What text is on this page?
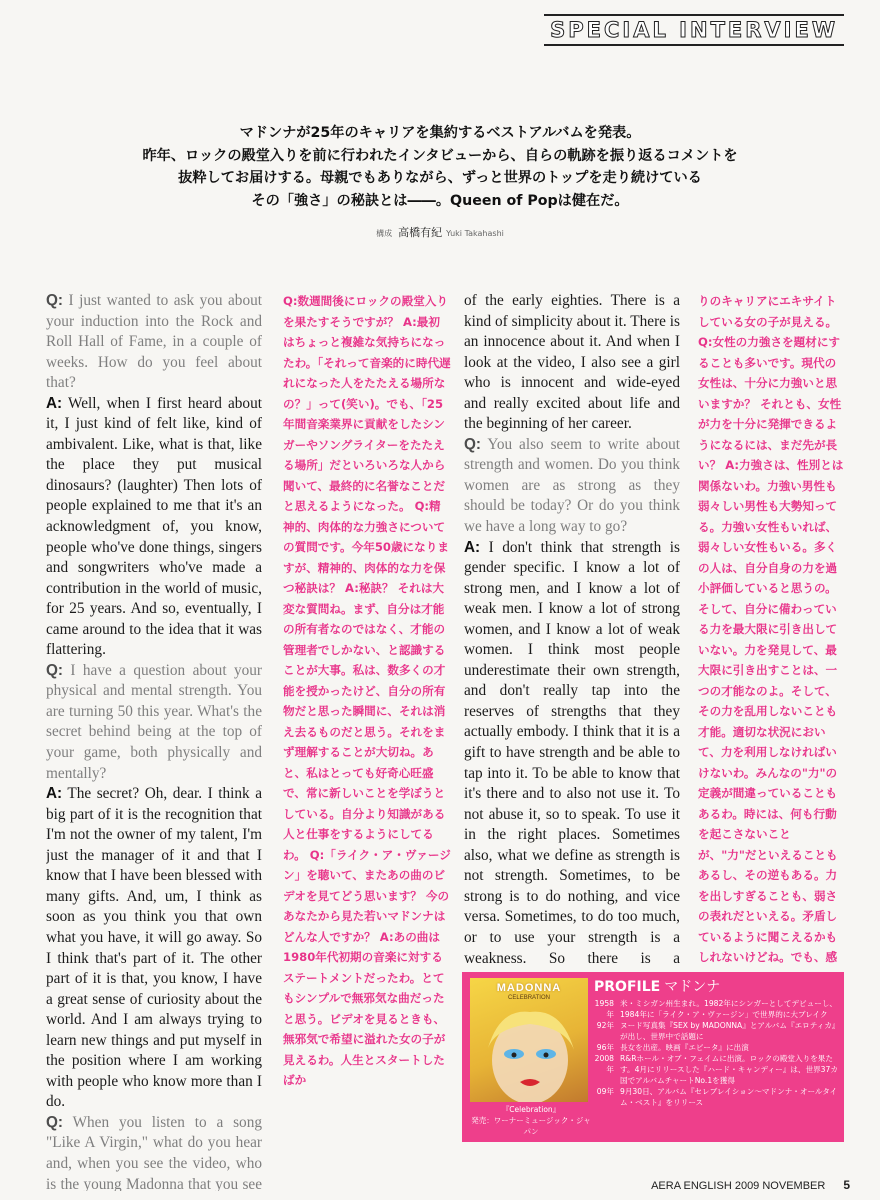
SPECIAL INTERVIEW
マドンナが25年のキャリアを集約するベストアルバムを発表。
昨年、ロックの殿堂入りを前に行われたインタビューから、自らの軌跡を振り返るコメントを
抜粋してお届けする。母親でもありながら、ずっと世界のトップを走り続けている
その「強さ」の秘訣とは――。Queen of Popは健在だ。
構成 高橋有紀 Yuki Takahashi

Q: I just wanted to ask you about your induction into the Rock and Roll Hall of Fame, in a couple of weeks. How do you feel about that?

A: Well, when I first heard about it, I just kind of felt like, kind of ambivalent. Like, what is that, like the place they put musical dinosaurs? (laughter) Then lots of people explained to me that it's an acknowledgment of, you know, people who've done things, singers and songwriters who've made a contribution in the world of music, for 25 years. And so, eventually, I came around to the idea that it was flattering.

Q: I have a question about your physical and mental strength. You are turning 50 this year. What's the secret behind being at the top of your game, both physically and mentally?

A: The secret? Oh, dear. I think a big part of it is the recognition that I'm not the owner of my talent, I'm just the manager of it and that I know that I have been blessed with many gifts. And, um, I think as soon as you think you that own what you have, it will go away. So I think that's part of it. The other part of it is that, you know, I have a great sense of curiosity about the world. And I am always trying to learn new things and put myself in the position where I am working with people who know more than I do.

Q: When you listen to a song "Like A Virgin," what do you hear and, when you see the video, who is the young Madonna that you see

Q:数週間後にロックの殿堂入りを果たすそうですが？ A:最初はちょっと複雑な気持ちになったわ。「それって音楽的に時代遅れになった人をたたえる場所なの？」って(笑い)。でも、「25年間音楽業界に貢献をしたシンガーやソングライターをたたえる場所」だといろいろな人から聞いて、最終的に名誉なことだと思えるようになった。 Q:精神的、肉体的な力強さについての質問です。今年50歳になりますが、精神的、肉体的な力を保つ秘訣は？ A:秘訣？ それは大変な質問ね。まず、自分は才能の所有者なのではなく、才能の管理者でしかない、と認識することが大事。私は、数多くの才能を授かったけど、自分の所有物だと思った瞬間に、それは消え去るものだと思う。それをまず理解することが大切ね。あと、私はとっても好奇心旺盛で、常に新しいことを学ぼうとしている。自分より知識がある人と仕事をするようにしてるわ。 Q:「ライク・ア・ヴァージン」を聴いて、またあの曲のビデオを見てどう思います？ 今のあなたから見た若いマドンナはどんな人ですか？ A:あの曲は1980年代初期の音楽に対するステートメントだったわ。とてもシンプルで無邪気な曲だったと思う。ビデオを見るときも、無邪気で希望に溢れた女の子が見えるわ。人生とスタートしたばか

of the early eighties. There is a kind of simplicity about it. There is an innocence about it. And when I look at the video, I also see a girl who is innocent and wide-eyed and really excited about life and the beginning of her career.

Q: You also seem to write about strength and women. Do you think women are as strong as they should be today? Or do you think we have a long way to go?

A: I don't think that strength is gender specific. I know a lot of strong men, and I know a lot of weak men. I know a lot of strong women, and I know a lot of weak women. I think most people underestimate their own strength, and don't really tap into the reserves of strengths that they actually embody. I think that it is a gift to have strength and be able to tap into it. To be able to know that it's there and to also not use it. To not abuse it, so to speak. To use it in the right places. Sometimes also, what we define as strength is not strength. Sometimes, to be strong is to do nothing, and vice versa. Sometimes, to do too much, or to use your strength is a weakness. So there is a

りのキャリアにエキサイトしている女の子が見える。 Q:女性の力強さを題材にすることも多いです。現代の女性は、十分に力強いと思いますか？ それとも、女性が力を十分に発揮できるようになるには、まだ先が長い？ A:力強さは、性別とは関係ないわ。力強い男性も弱々しい男性も大勢知ってる。力強い女性もいれば、弱々しい女性もいる。多くの人は、自分自身の力を過小評価していると思うの。そして、自分に備わっている力を最大限に引き出していない。力を発見して、最大限に引き出すことは、一つの才能なのよ。そして、その力を乱用しないことも才能。適切な状況において、力を利用しなければいけないわ。みんなの"力"の定義が間違っていることもあるわ。時には、何も行動を起こさないことが、"力"だといえることもあるし、その逆もある。力を出しすぎることも、弱さの表れだといえる。矛盾しているように聞こえるかもしれないけどね。でも、感

MADONNA
CELEBRATION
『Celebration』
発売：ワーナーミュージック・ジャパン
PROFILE マドンナ
1958年
米・ミシガン州生まれ。1982年にシンガーとしてデビューし、1984年に「ライク・ア・ヴァージン」で世界的に大ブレイク
92年 ヌード写真集『SEX by MADONNA』とアルバム『エロティカ』が出し、世界中で話題に
96年 長女を出産。映画『エビータ』に出演
2008年
R&Rホール・オブ・フェイムに出演。ロックの殿堂入りを果たす。4月にリリースした『ハード・キャンディー』は、世界37カ国でアルバムチャートNo.1を獲得
09年 9月30日、アルバム『セレブレイション～マドンナ・オールタイム・ベスト』をリリース
AERA ENGLISH 2009 NOVEMBER 5
